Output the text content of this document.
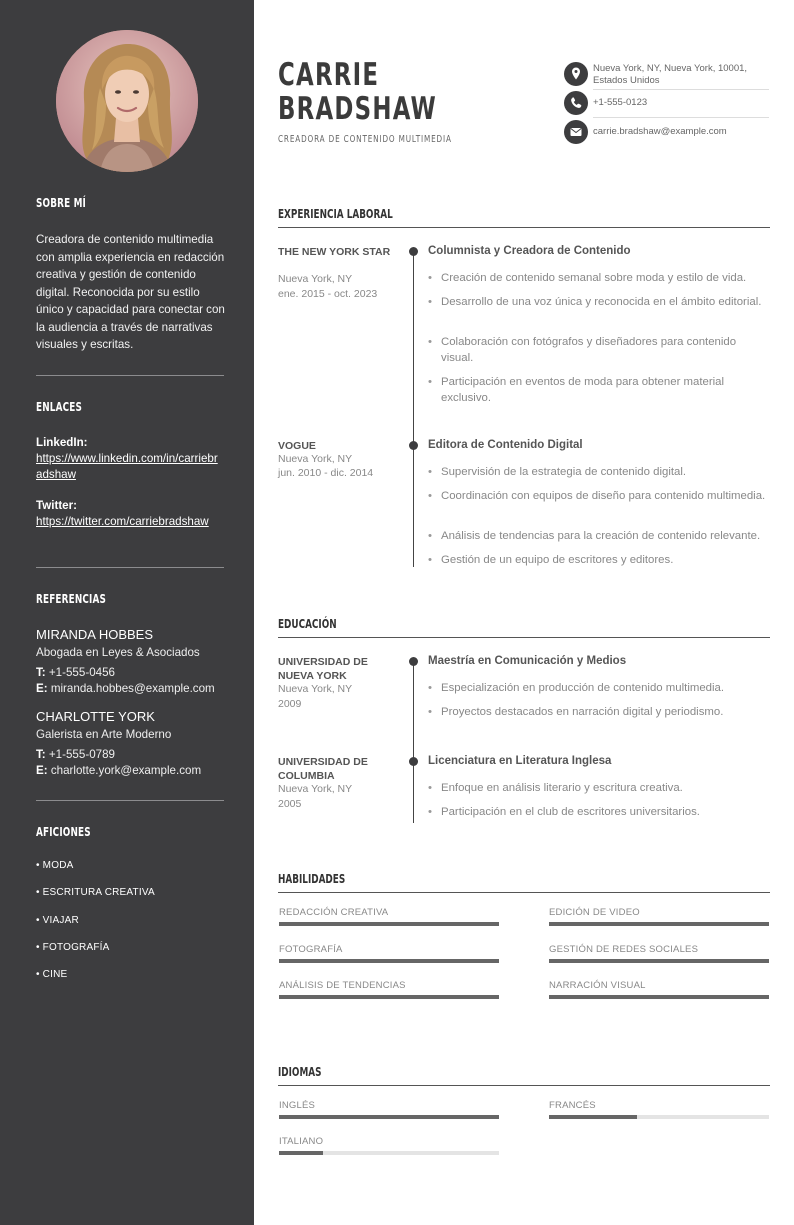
SOBRE MÍ

Creadora de contenido multimedia con amplia experiencia en redacción creativa y gestión de contenido digital. Reconocida por su estilo único y capacidad para conectar con la audiencia a través de narrativas visuales y escritas.

ENLACES
LinkedIn:
https://www.linkedin.com/in/carriebradshaw
Twitter:
https://twitter.com/carriebradshaw
REFERENCIAS
MIRANDA HOBBES
Abogada en Leyes & Asociados
T: +1-555-0456
E: miranda.hobbes@example.com
CHARLOTTE YORK
Galerista en Arte Moderno
T: +1-555-0789
E: charlotte.york@example.com
AFICIONES
• MODA
• ESCRITURA CREATIVA
• VIAJAR
• FOTOGRAFÍA
• CINE
CARRIE
BRADSHAW
CREADORA DE CONTENIDO MULTIMEDIA
Nueva York, NY, Nueva York, 10001, Estados Unidos
+1-555-0123
carrie.bradshaw@example.com
EXPERIENCIA LABORAL
THE NEW YORK STAR
Nueva York, NY
ene. 2015 - oct. 2023
Columnista y Creadora de Contenido
• Creación de contenido semanal sobre moda y estilo de vida.
• Desarrollo de una voz única y reconocida en el ámbito editorial.
• Colaboración con fotógrafos y diseñadores para contenido visual.
• Participación en eventos de moda para obtener material exclusivo.
VOGUE
Nueva York, NY
jun. 2010 - dic. 2014
Editora de Contenido Digital
• Supervisión de la estrategia de contenido digital.
• Coordinación con equipos de diseño para contenido multimedia.
• Análisis de tendencias para la creación de contenido relevante.
• Gestión de un equipo de escritores y editores.
EDUCACIÓN
UNIVERSIDAD DE NUEVA YORK
Nueva York, NY
2009
Maestría en Comunicación y Medios
• Especialización en producción de contenido multimedia.
• Proyectos destacados en narración digital y periodismo.
UNIVERSIDAD DE COLUMBIA
Nueva York, NY
2005
Licenciatura en Literatura Inglesa
• Enfoque en análisis literario y escritura creativa.
• Participación en el club de escritores universitarios.
HABILIDADES
REDACCIÓN CREATIVA	EDICIÓN DE VIDEO
FOTOGRAFÍA	GESTIÓN DE REDES SOCIALES
ANÁLISIS DE TENDENCIAS	NARRACIÓN VISUAL
IDIOMAS
INGLÉS	FRANCÉS
ITALIANO
